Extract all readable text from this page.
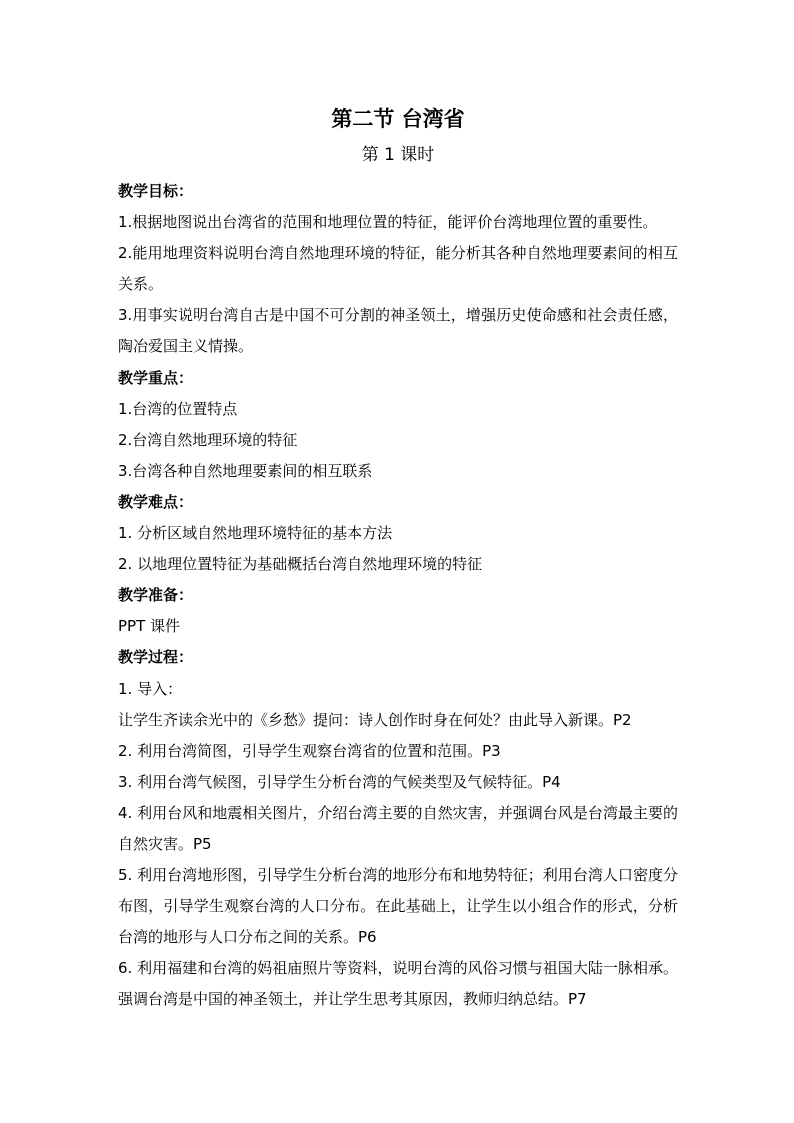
第二节 台湾省

第 1 课时

教学目标：

1.根据地图说出台湾省的范围和地理位置的特征，能评价台湾地理位置的重要性。

2.能用地理资料说明台湾自然地理环境的特征，能分析其各种自然地理要素间的相互关系。

3.用事实说明台湾自古是中国不可分割的神圣领土，增强历史使命感和社会责任感，陶冶爱国主义情操。

教学重点：

1.台湾的位置特点

2.台湾自然地理环境的特征

3.台湾各种自然地理要素间的相互联系

教学难点：

1. 分析区域自然地理环境特征的基本方法

2. 以地理位置特征为基础概括台湾自然地理环境的特征

教学准备：

PPT 课件

教学过程：

1. 导入：

让学生齐读余光中的《乡愁》提问：诗人创作时身在何处？由此导入新课。P2

2. 利用台湾简图，引导学生观察台湾省的位置和范围。P3

3. 利用台湾气候图，引导学生分析台湾的气候类型及气候特征。P4

4. 利用台风和地震相关图片，介绍台湾主要的自然灾害，并强调台风是台湾最主要的自然灾害。P5

5. 利用台湾地形图，引导学生分析台湾的地形分布和地势特征；利用台湾人口密度分布图，引导学生观察台湾的人口分布。在此基础上，让学生以小组合作的形式，分析台湾的地形与人口分布之间的关系。P6

6. 利用福建和台湾的妈祖庙照片等资料，说明台湾的风俗习惯与祖国大陆一脉相承。强调台湾是中国的神圣领土，并让学生思考其原因，教师归纳总结。P7
